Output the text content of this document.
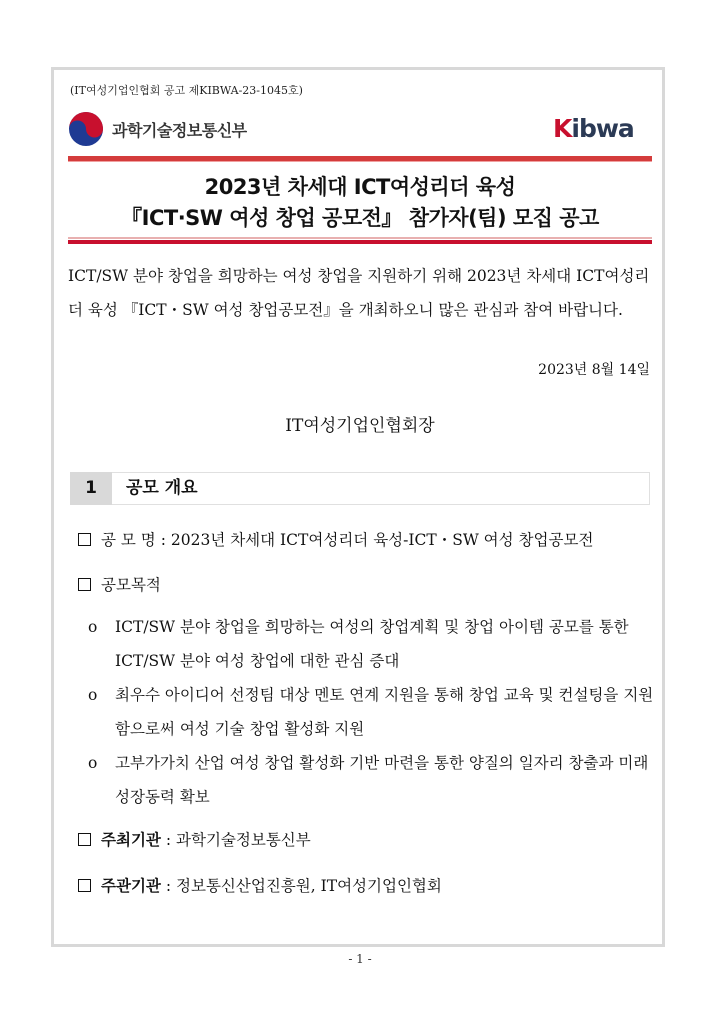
(IT여성기업인협회 공고 제KIBWA-23-1045호)
과학기술정보통신부	Kibwa
2023년 차세대 ICT여성리더 육성
『ICT·SW 여성 창업 공모전』 참가자(팀) 모집 공고
ICT/SW 분야 창업을 희망하는 여성 창업을 지원하기 위해 2023년 차세대 ICT여성리더 육성 『ICT・SW 여성 창업공모전』을 개최하오니 많은 관심과 참여 바랍니다.
2023년 8월 14일
IT여성기업인협회장
1	공모 개요
공 모 명 : 2023년 차세대 ICT여성리더 육성-ICT・SW 여성 창업공모전
공모목적
o	ICT/SW 분야 창업을 희망하는 여성의 창업계획 및 창업 아이템 공모를 통한 ICT/SW 분야 여성 창업에 대한 관심 증대
o	최우수 아이디어 선정팀 대상 멘토 연계 지원을 통해 창업 교육 및 컨설팅을 지원함으로써 여성 기술 창업 활성화 지원
o	고부가가치 산업 여성 창업 활성화 기반 마련을 통한 양질의 일자리 창출과 미래성장동력 확보
주최기관 : 과학기술정보통신부
주관기관 : 정보통신산업진흥원, IT여성기업인협회
- 1 -
